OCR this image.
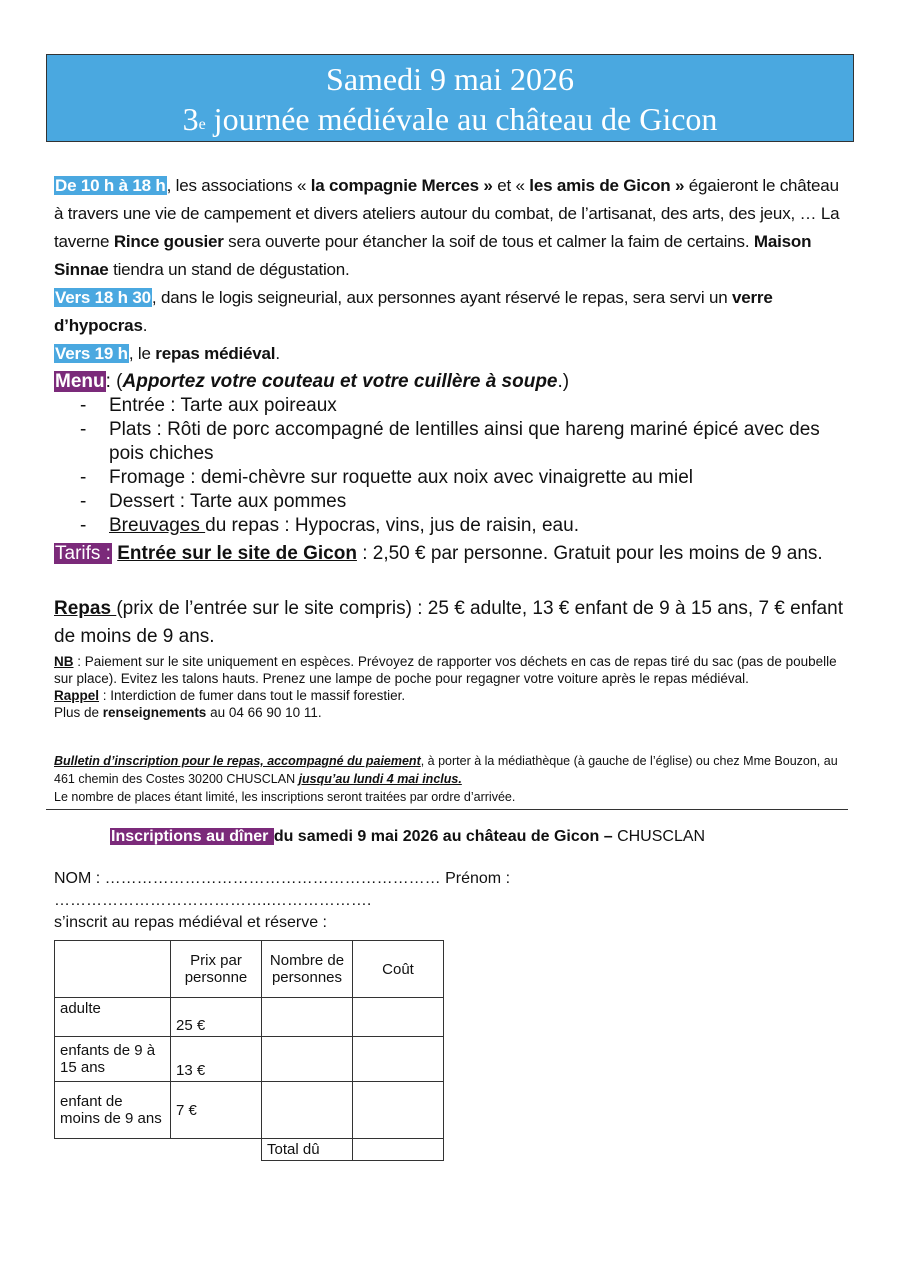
Samedi 9 mai 2026
3e journée médiévale au château de Gicon
De 10 h à 18 h, les associations « la compagnie Merces » et « les amis de Gicon » égaieront le château à travers une vie de campement et divers ateliers autour du combat, de l’artisanat, des arts, des jeux, … La taverne Rince gousier sera ouverte pour étancher la soif de tous et calmer la faim de certains. Maison Sinnae tiendra un stand de dégustation.
Vers 18 h 30, dans le logis seigneurial, aux personnes ayant réservé le repas, sera servi un verre d’hypocras.
Vers 19 h, le repas médiéval.
Menu: (Apportez votre couteau et votre cuillère à soupe.)
- Entrée : Tarte aux poireaux
- Plats : Rôti de porc accompagné de lentilles ainsi que hareng mariné épicé avec des pois chiches
- Fromage : demi-chèvre sur roquette aux noix avec vinaigrette au miel
- Dessert : Tarte aux pommes
- Breuvages du repas : Hypocras, vins, jus de raisin, eau.
Tarifs : Entrée sur le site de Gicon : 2,50 € par personne. Gratuit pour les moins de 9 ans.
Repas (prix de l’entrée sur le site compris) : 25 € adulte, 13 € enfant de 9 à 15 ans, 7 € enfant de moins de 9 ans.
NB : Paiement sur le site uniquement en espèces. Prévoyez de rapporter vos déchets en cas de repas tiré du sac (pas de poubelle sur place). Evitez les talons hauts. Prenez une lampe de poche pour regagner votre voiture après le repas médiéval.
Rappel : Interdiction de fumer dans tout le massif forestier.
Plus de renseignements au 04 66 90 10 11.
Bulletin d’inscription pour le repas, accompagné du paiement, à porter à la médiathèque (à gauche de l’église) ou chez Mme Bouzon, au 461 chemin des Costes 30200 CHUSCLAN jusqu’au lundi 4 mai inclus.
Le nombre de places étant limité, les inscriptions seront traitées par ordre d’arrivée.
Inscriptions au dîner du samedi 9 mai 2026 au château de Gicon – CHUSCLAN
NOM : ……………………………………………………… Prénom :
…………………………………..……………….
s’inscrit au repas médiéval et réserve :
	Prix par personne	Nombre de personnes	Coût
adulte	25 €		
enfants de 9 à 15 ans	13 €		
enfant de moins de 9 ans	7 €		
		Total dû	
